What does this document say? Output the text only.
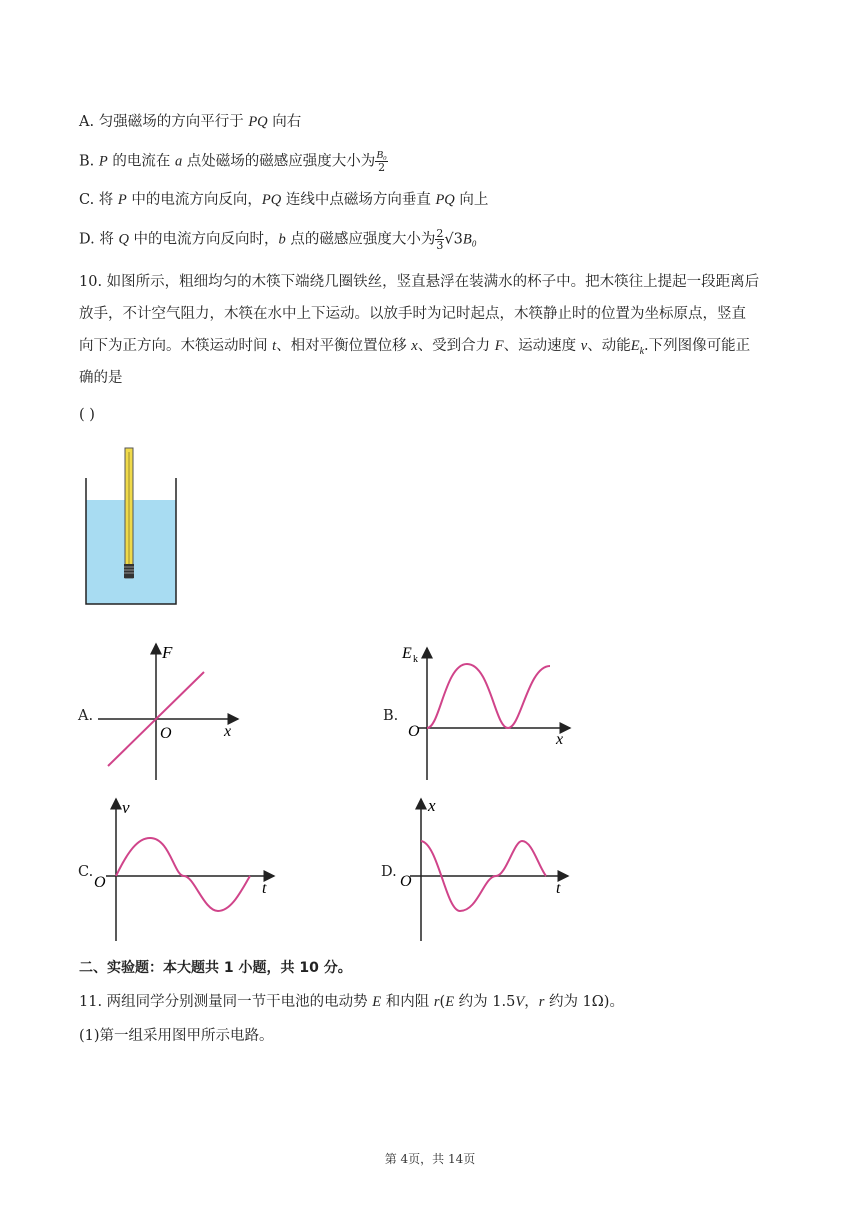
A. 匀强磁场的方向平行于 PQ 向右
B. P 的电流在 a 点处磁场的磁感应强度大小为 $\frac{\text{B₀}}{2}$
C. 将 P 中的电流方向反向，PQ 连线中点磁场方向垂直 PQ 向上
D. 将 Q 中的电流方向反向时，b 点的磁感应强度大小为 $\frac{2}{3} √3B_0$
10. 如图所示，粗细均匀的木筷下端绕几圈铁丝，竖直悬浮在装满水的杯子中。把木筷往上提起一段距离后
放手，不计空气阻力，木筷在水中上下运动。以放手时为记时起点，木筷静止时的位置为坐标原点，竖直
向下为正方向。木筷运动时间 t、相对平衡位置位移 x、受到合力 F、运动速度 v、动能$E_k$.下列图像可能正
确的是
( )
A.
F
O	x
B.
E k
O	x
C.
v
O	t
D.
x
O	t
二、实验题：本大题共 1 小题，共 10 分。
11. 两组同学分别测量同一节干电池的电动势 E 和内阻 r(E 约为 1.5V，r 约为 1Ω)。
(1)第一组采用图甲所示电路。
第 4页，共 14页
